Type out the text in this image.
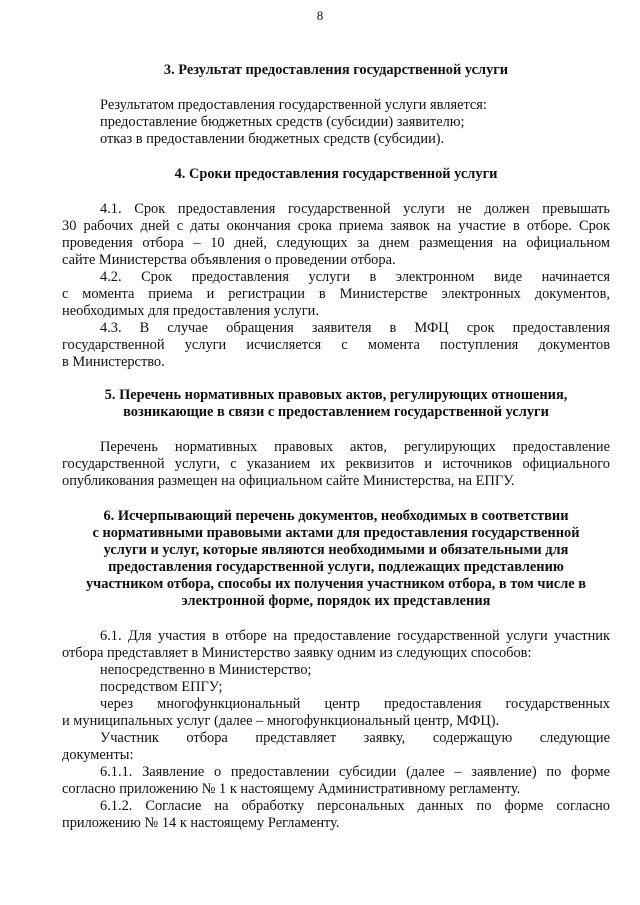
8

3. Результат предоставления государственной услуги

Результатом предоставления государственной услуги является:

предоставление бюджетных средств (субсидии) заявителю;

отказ в предоставлении бюджетных средств (субсидии).

4. Сроки предоставления государственной услуги

4.1. Срок предоставления государственной услуги не должен превышать

30 рабочих дней с даты окончания срока приема заявок на участие в отборе. Срок

проведения отбора – 10 дней, следующих за днем размещения на официальном

сайте Министерства объявления о проведении отбора.

4.2. Срок предоставления услуги в электронном виде начинается

с момента приема и регистрации в Министерстве электронных документов,

необходимых для предоставления услуги.

4.3. В случае обращения заявителя в МФЦ срок предоставления

государственной услуги исчисляется с момента поступления документов

в Министерство.

5. Перечень нормативных правовых актов, регулирующих отношения,

возникающие в связи с предоставлением государственной услуги

Перечень нормативных правовых актов, регулирующих предоставление

государственной услуги, с указанием их реквизитов и источников официального

опубликования размещен на официальном сайте Министерства, на ЕПГУ.

6. Исчерпывающий перечень документов, необходимых в соответствии

с нормативными правовыми актами для предоставления государственной

услуги и услуг, которые являются необходимыми и обязательными для

предоставления государственной услуги, подлежащих представлению

участником отбора, способы их получения участником отбора, в том числе в

электронной форме, порядок их представления

6.1. Для участия в отборе на предоставление государственной услуги участник

отбора представляет в Министерство заявку одним из следующих способов:

непосредственно в Министерство;

посредством ЕПГУ;

через многофункциональный центр предоставления государственных

и муниципальных услуг (далее – многофункциональный центр, МФЦ).

Участник отбора представляет заявку, содержащую следующие

документы:

6.1.1. Заявление о предоставлении субсидии (далее – заявление) по форме

согласно приложению № 1 к настоящему Административному регламенту.

6.1.2. Согласие на обработку персональных данных по форме согласно

приложению № 14 к настоящему Регламенту.
